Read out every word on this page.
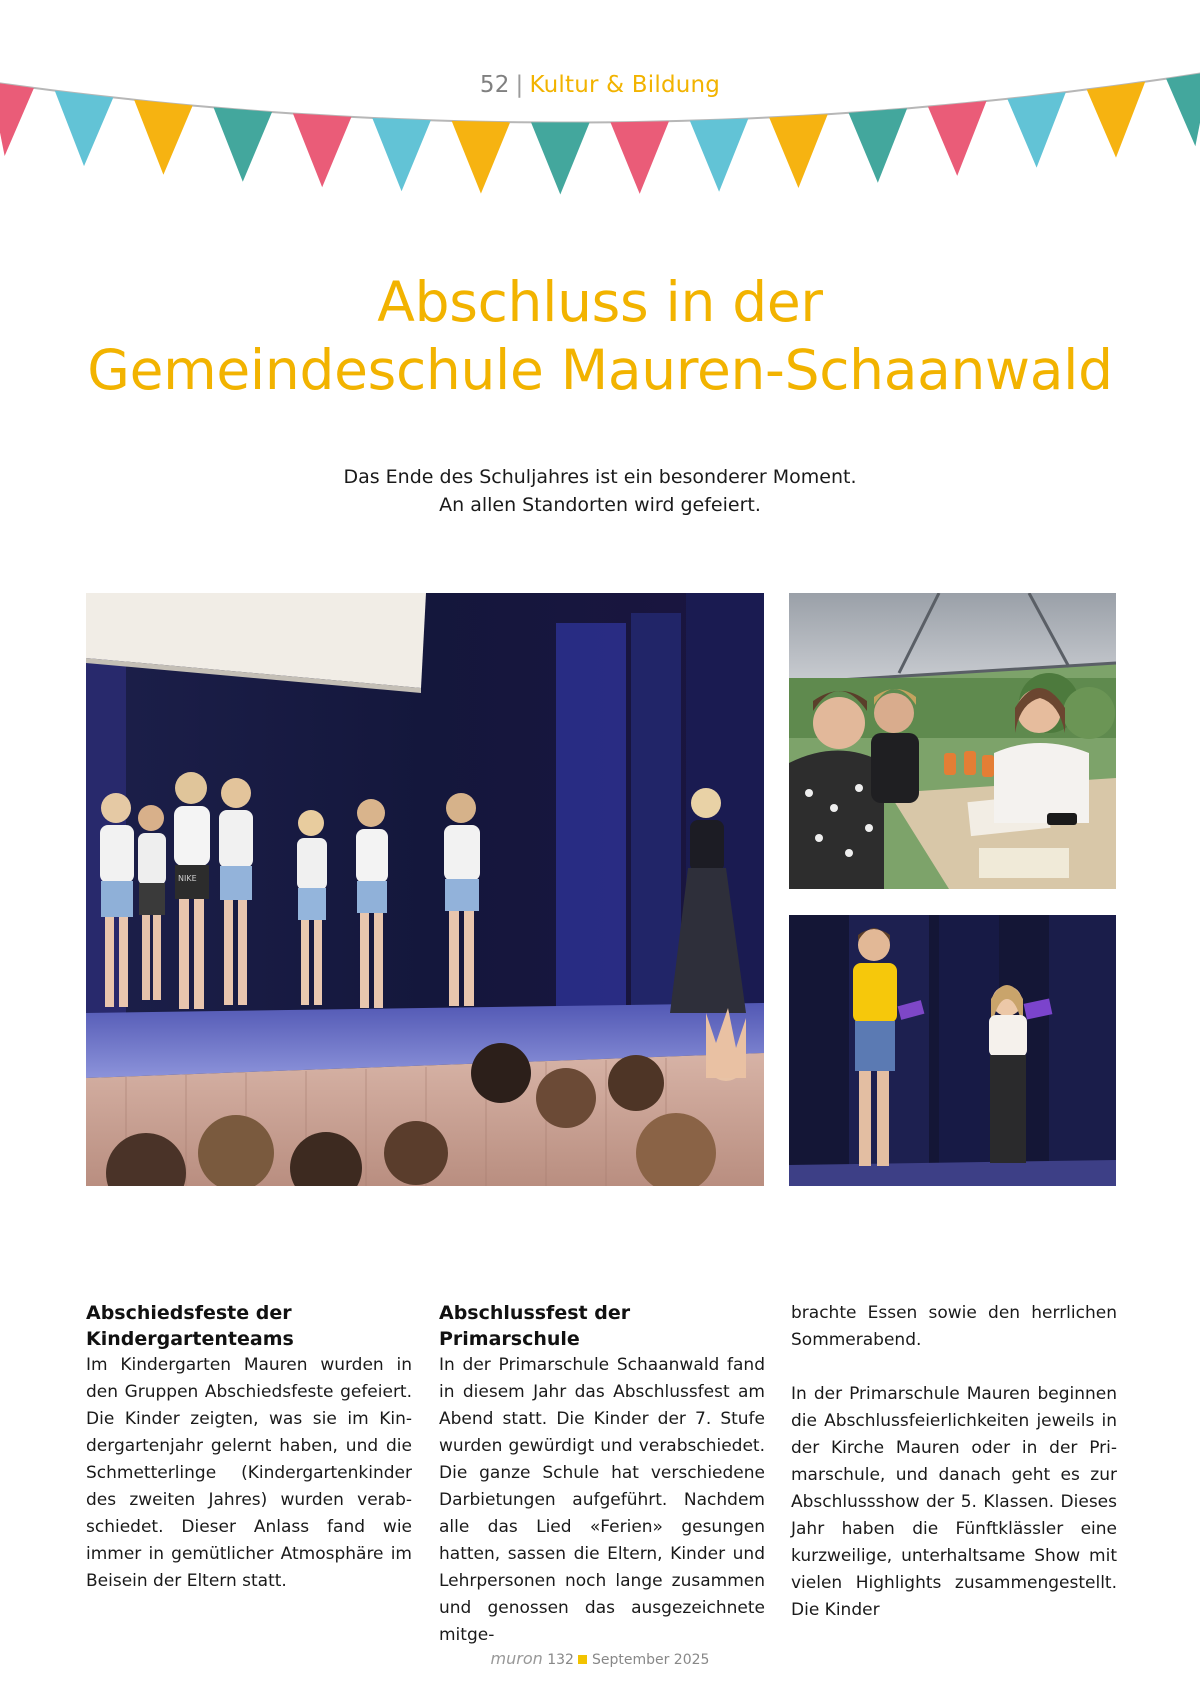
52 | Kultur & Bildung
Abschluss in der
Gemeindeschule Mauren-Schaanwald
Das Ende des Schuljahres ist ein besonderer Moment.
An allen Standorten wird gefeiert.
NIKE
Abschiedsfeste der Kindergartenteams

Im Kindergarten Mauren wurden in den Gruppen Abschiedsfeste gefeiert. Die Kinder zeigten, was sie im Kindergartenjahr gelernt haben, und die Schmetterlinge (Kindergartenkinder des zweiten Jahres) wurden verabschiedet. Dieser Anlass fand wie immer in gemütlicher Atmosphäre im Beisein der Eltern statt.

Abschlussfest der Primarschule

In der Primarschule Schaanwald fand in diesem Jahr das Abschlussfest am Abend statt. Die Kinder der 7. Stufe wurden gewürdigt und verabschiedet. Die ganze Schule hat verschiedene Darbietungen aufgeführt. Nachdem alle das Lied «Ferien» gesungen hatten, sassen die Eltern, Kinder und Lehrpersonen noch lange zusammen und genossen das ausgezeichnete mitge-

brachte Essen sowie den herrlichen Sommerabend.

In der Primarschule Mauren beginnen die Abschlussfeierlichkeiten jeweils in der Kirche Mauren oder in der Primarschule, und danach geht es zur Abschlussshow der 5. Klassen. Dieses Jahr haben die Fünftklässler eine kurzweilige, unterhaltsame Show mit vielen Highlights zusammengestellt. Die Kinder

muron 132 September 2025
